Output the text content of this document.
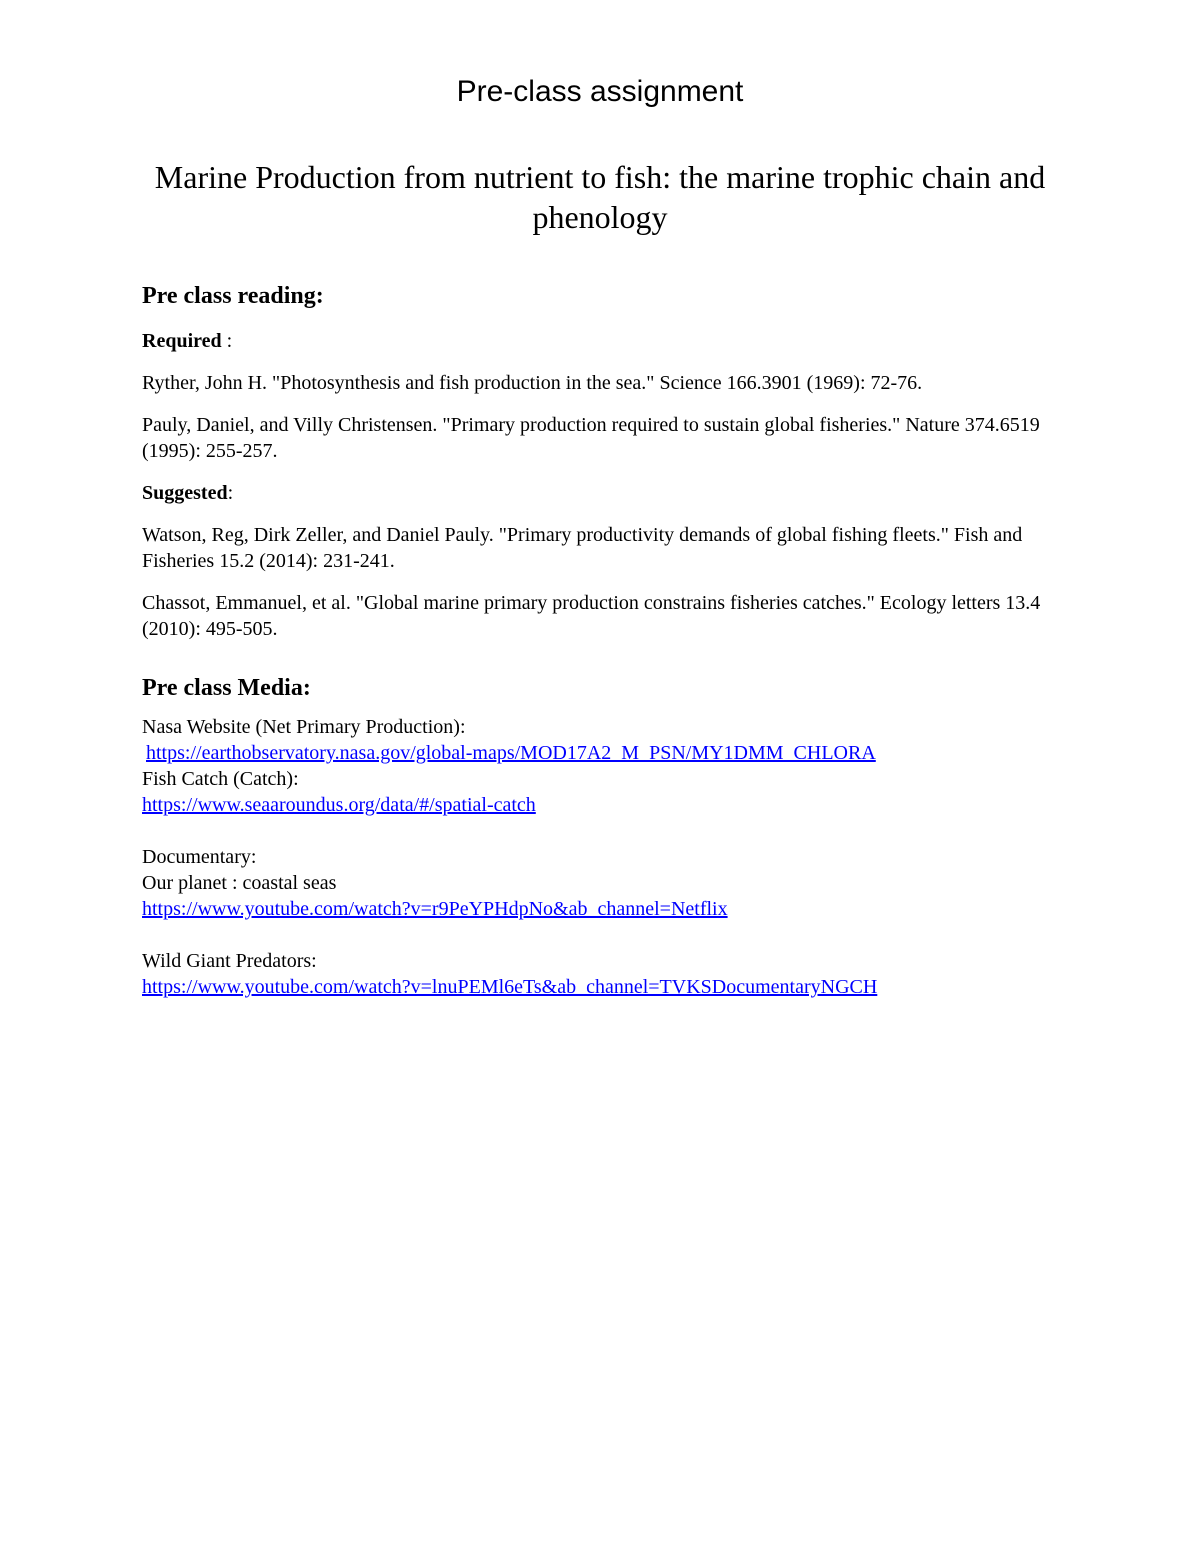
Pre-class assignment
Marine Production from nutrient to fish: the marine trophic chain and phenology
Pre class reading:
Required :
Ryther, John H. "Photosynthesis and fish production in the sea." Science 166.3901 (1969): 72-76.
Pauly, Daniel, and Villy Christensen. "Primary production required to sustain global fisheries." Nature 374.6519 (1995): 255-257.
Suggested:
Watson, Reg, Dirk Zeller, and Daniel Pauly. "Primary productivity demands of global fishing fleets." Fish and Fisheries 15.2 (2014): 231-241.
Chassot, Emmanuel, et al. "Global marine primary production constrains fisheries catches." Ecology letters 13.4 (2010): 495-505.
Pre class Media:
Nasa Website (Net Primary Production):
https://earthobservatory.nasa.gov/global-maps/MOD17A2_M_PSN/MY1DMM_CHLORA
Fish Catch (Catch):
https://www.seaaroundus.org/data/#/spatial-catch
Documentary:
Our planet : coastal seas
https://www.youtube.com/watch?v=r9PeYPHdpNo&ab_channel=Netflix
Wild Giant Predators:
https://www.youtube.com/watch?v=lnuPEMl6eTs&ab_channel=TVKSDocumentaryNGCH
